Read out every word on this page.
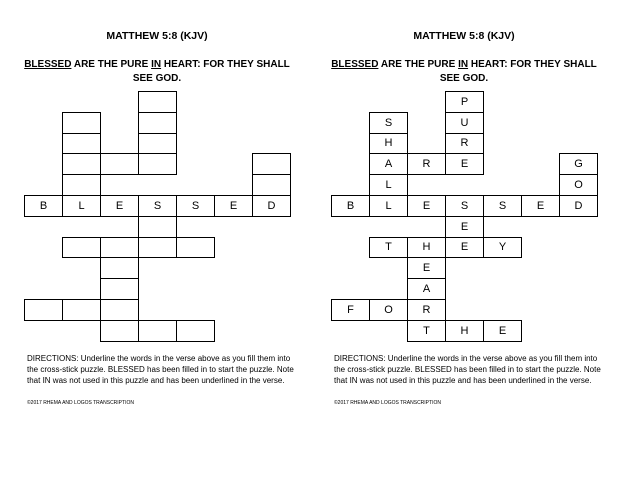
MATTHEW 5:8 (KJV)
BLESSED ARE THE PURE IN HEART: FOR THEY SHALL
SEE GOD.
B	L	E	S	S	E	D
DIRECTIONS: Underline the words in the verse above as you fill them into the cross-stick puzzle. BLESSED has been filled in to start the puzzle. Note that IN was not used in this puzzle and has been underlined in the verse.
©2017 RHEMA AND LOGOS TRANSCRIPTION
MATTHEW 5:8 (KJV)
BLESSED ARE THE PURE IN HEART: FOR THEY SHALL
SEE GOD.
P
S	U
H	R
A	R	E	G
L	O
B	L	E	S	S	E	D
E
T	H	E	Y
E
A
F	O	R
T	H	E
DIRECTIONS: Underline the words in the verse above as you fill them into the cross-stick puzzle. BLESSED has been filled in to start the puzzle. Note that IN was not used in this puzzle and has been underlined in the verse.
©2017 RHEMA AND LOGOS TRANSCRIPTION
